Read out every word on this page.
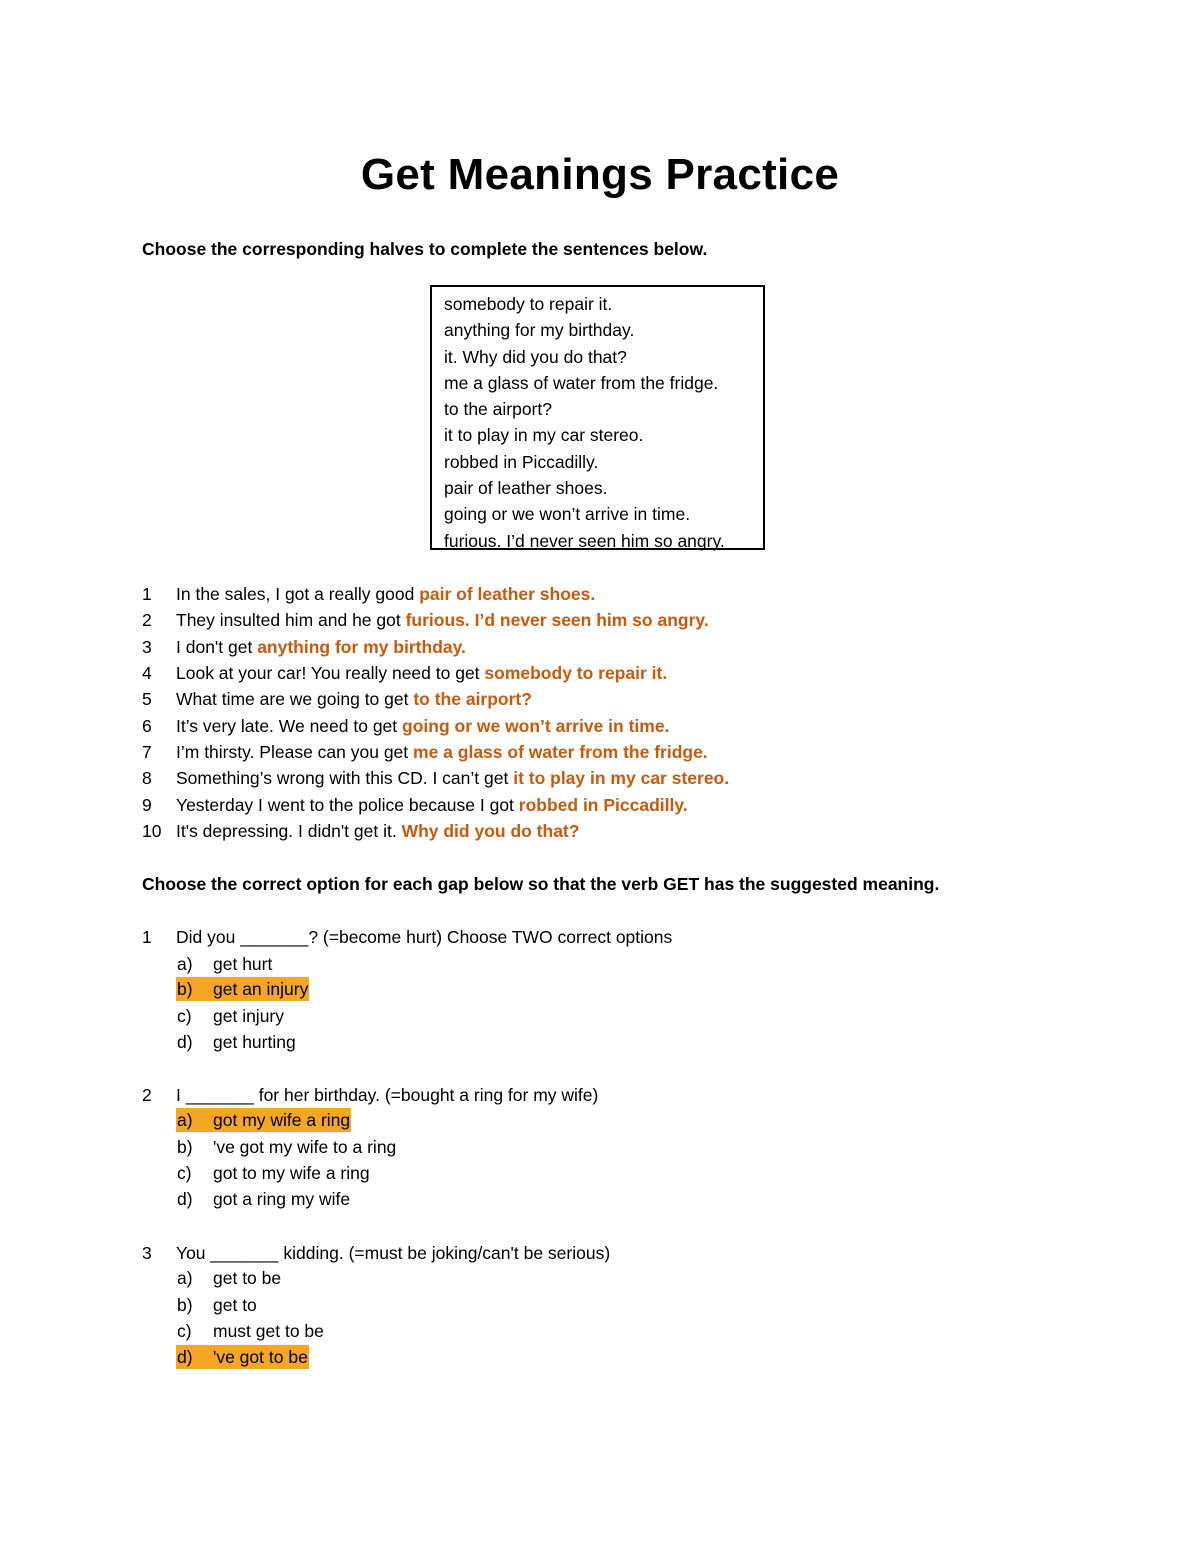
Get Meanings Practice
Choose the corresponding halves to complete the sentences below.
somebody to repair it.
anything for my birthday.
it. Why did you do that?
me a glass of water from the fridge.
to the airport?
it to play in my car stereo.
robbed in Piccadilly.
pair of leather shoes.
going or we won’t arrive in time.
furious. I’d never seen him so angry.
1 In the sales, I got a really good pair of leather shoes.
2 They insulted him and he got furious. I’d never seen him so angry.
3 I don't get anything for my birthday.
4 Look at your car! You really need to get somebody to repair it.
5 What time are we going to get to the airport?
6 It’s very late. We need to get going or we won’t arrive in time.
7 I’m thirsty. Please can you get me a glass of water from the fridge.
8 Something’s wrong with this CD. I can’t get it to play in my car stereo.
9 Yesterday I went to the police because I got robbed in Piccadilly.
10 It's depressing. I didn't get it. Why did you do that?
Choose the correct option for each gap below so that the verb GET has the suggested meaning.
1 Did you _______? (=become hurt) Choose TWO correct options
a) get hurt
b) get an injury
c) get injury
d) get hurting
2 I _______ for her birthday. (=bought a ring for my wife)
a) got my wife a ring
b) 've got my wife to a ring
c) got to my wife a ring
d) got a ring my wife
3 You _______ kidding. (=must be joking/can't be serious)
a) get to be
b) get to
c) must get to be
d) 've got to be
